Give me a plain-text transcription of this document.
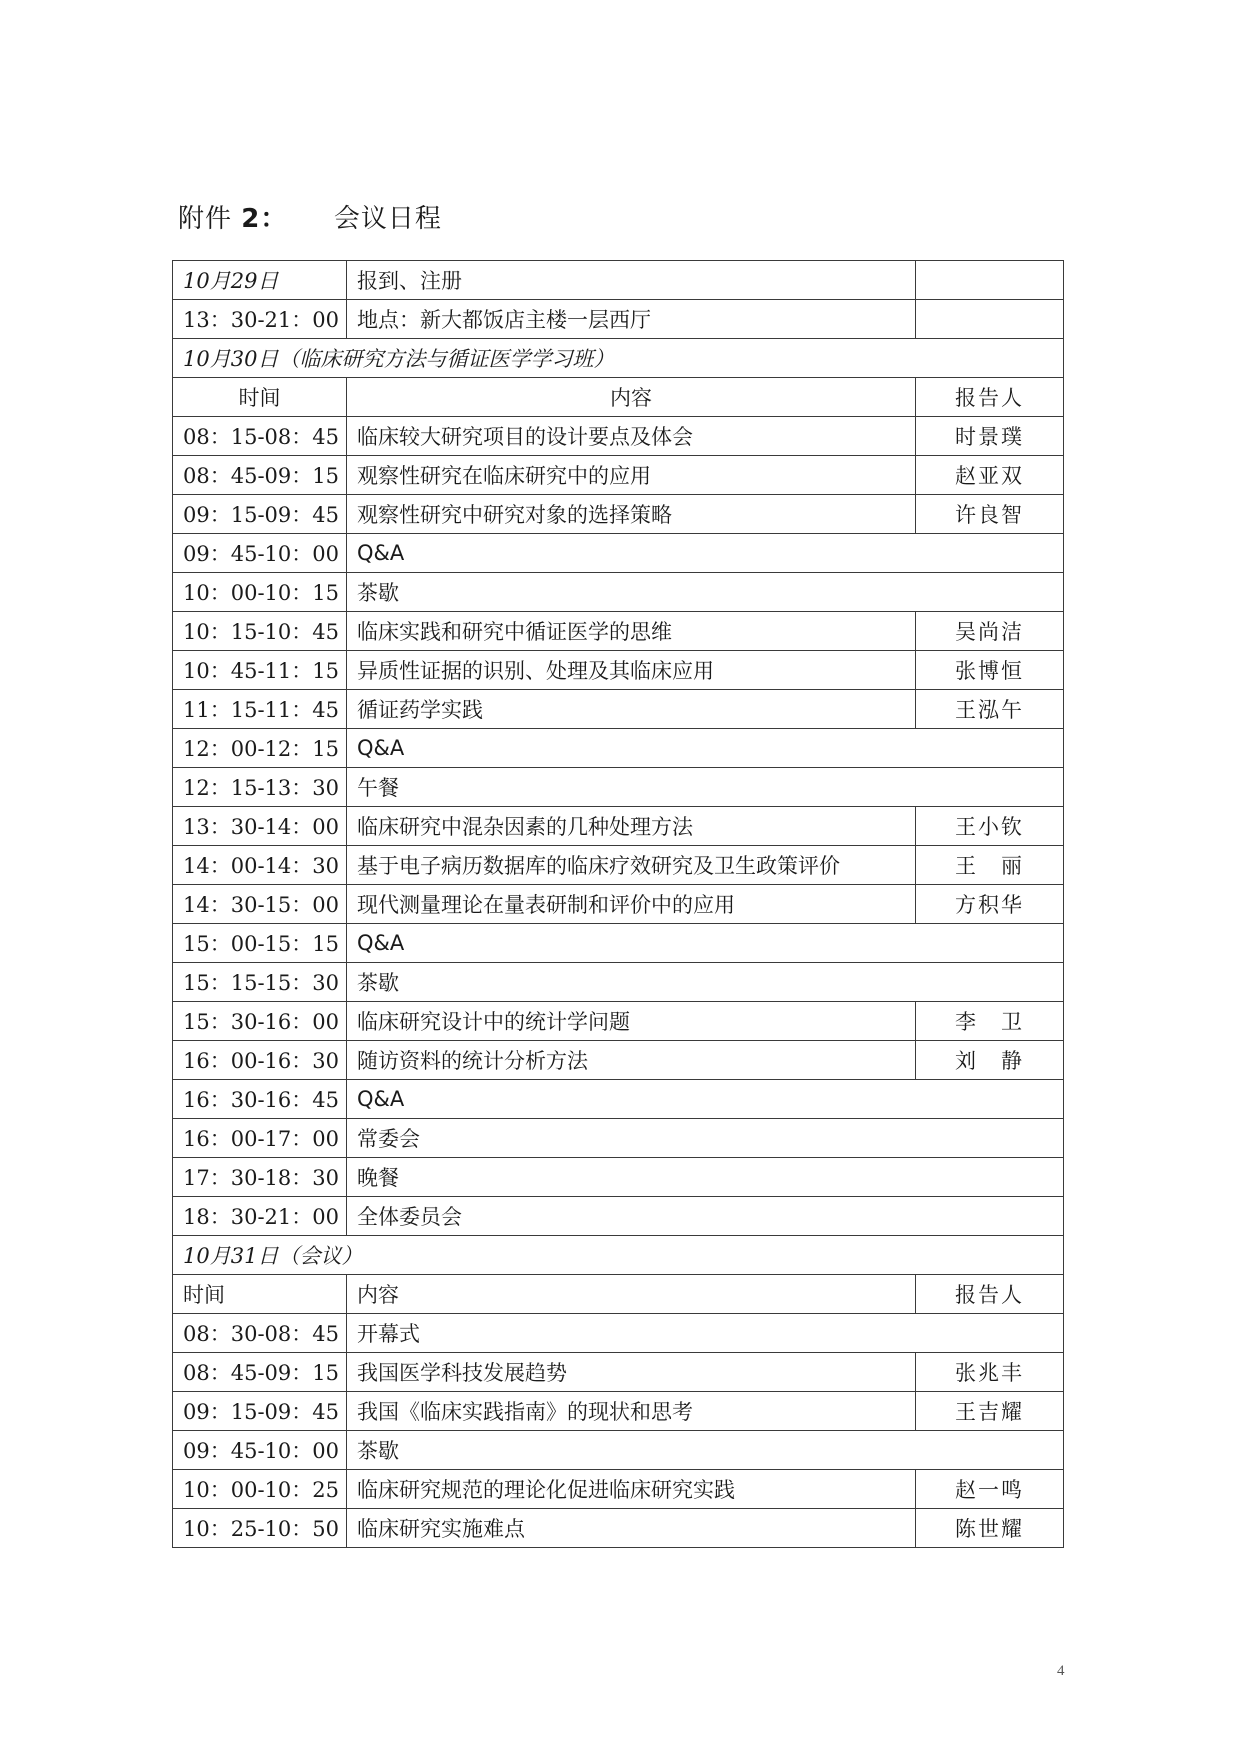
附件 2： 会议日程
10月29日	报到、注册	
13：30-21：00	地点：新大都饭店主楼一层西厅	
10月30日（临床研究方法与循证医学学习班）		
时间	内容	报告人
08：15-08：45	临床较大研究项目的设计要点及体会	时景璞
08：45-09：15	观察性研究在临床研究中的应用	赵亚双
09：15-09：45	观察性研究中研究对象的选择策略	许良智
09：45-10：00	Q&A	
10：00-10：15	茶歇	
10：15-10：45	临床实践和研究中循证医学的思维	吴尚洁
10：45-11：15	异质性证据的识别、处理及其临床应用	张博恒
11：15-11：45	循证药学实践	王泓午
12：00-12：15	Q&A	
12：15-13：30	午餐	
13：30-14：00	临床研究中混杂因素的几种处理方法	王小钦
14：00-14：30	基于电子病历数据库的临床疗效研究及卫生政策评价	王　丽
14：30-15：00	现代测量理论在量表研制和评价中的应用	方积华
15：00-15：15	Q&A	
15：15-15：30	茶歇	
15：30-16：00	临床研究设计中的统计学问题	李　卫
16：00-16：30	随访资料的统计分析方法	刘　静
16：30-16：45	Q&A	
16：00-17：00	常委会	
17：30-18：30	晚餐	
18：30-21：00	全体委员会	
10月31日（会议）		
时间	内容	报告人
08：30-08：45	开幕式	
08：45-09：15	我国医学科技发展趋势	张兆丰
09：15-09：45	我国《临床实践指南》的现状和思考	王吉耀
09：45-10：00	茶歇	
10：00-10：25	临床研究规范的理论化促进临床研究实践	赵一鸣
10：25-10：50	临床研究实施难点	陈世耀
4
